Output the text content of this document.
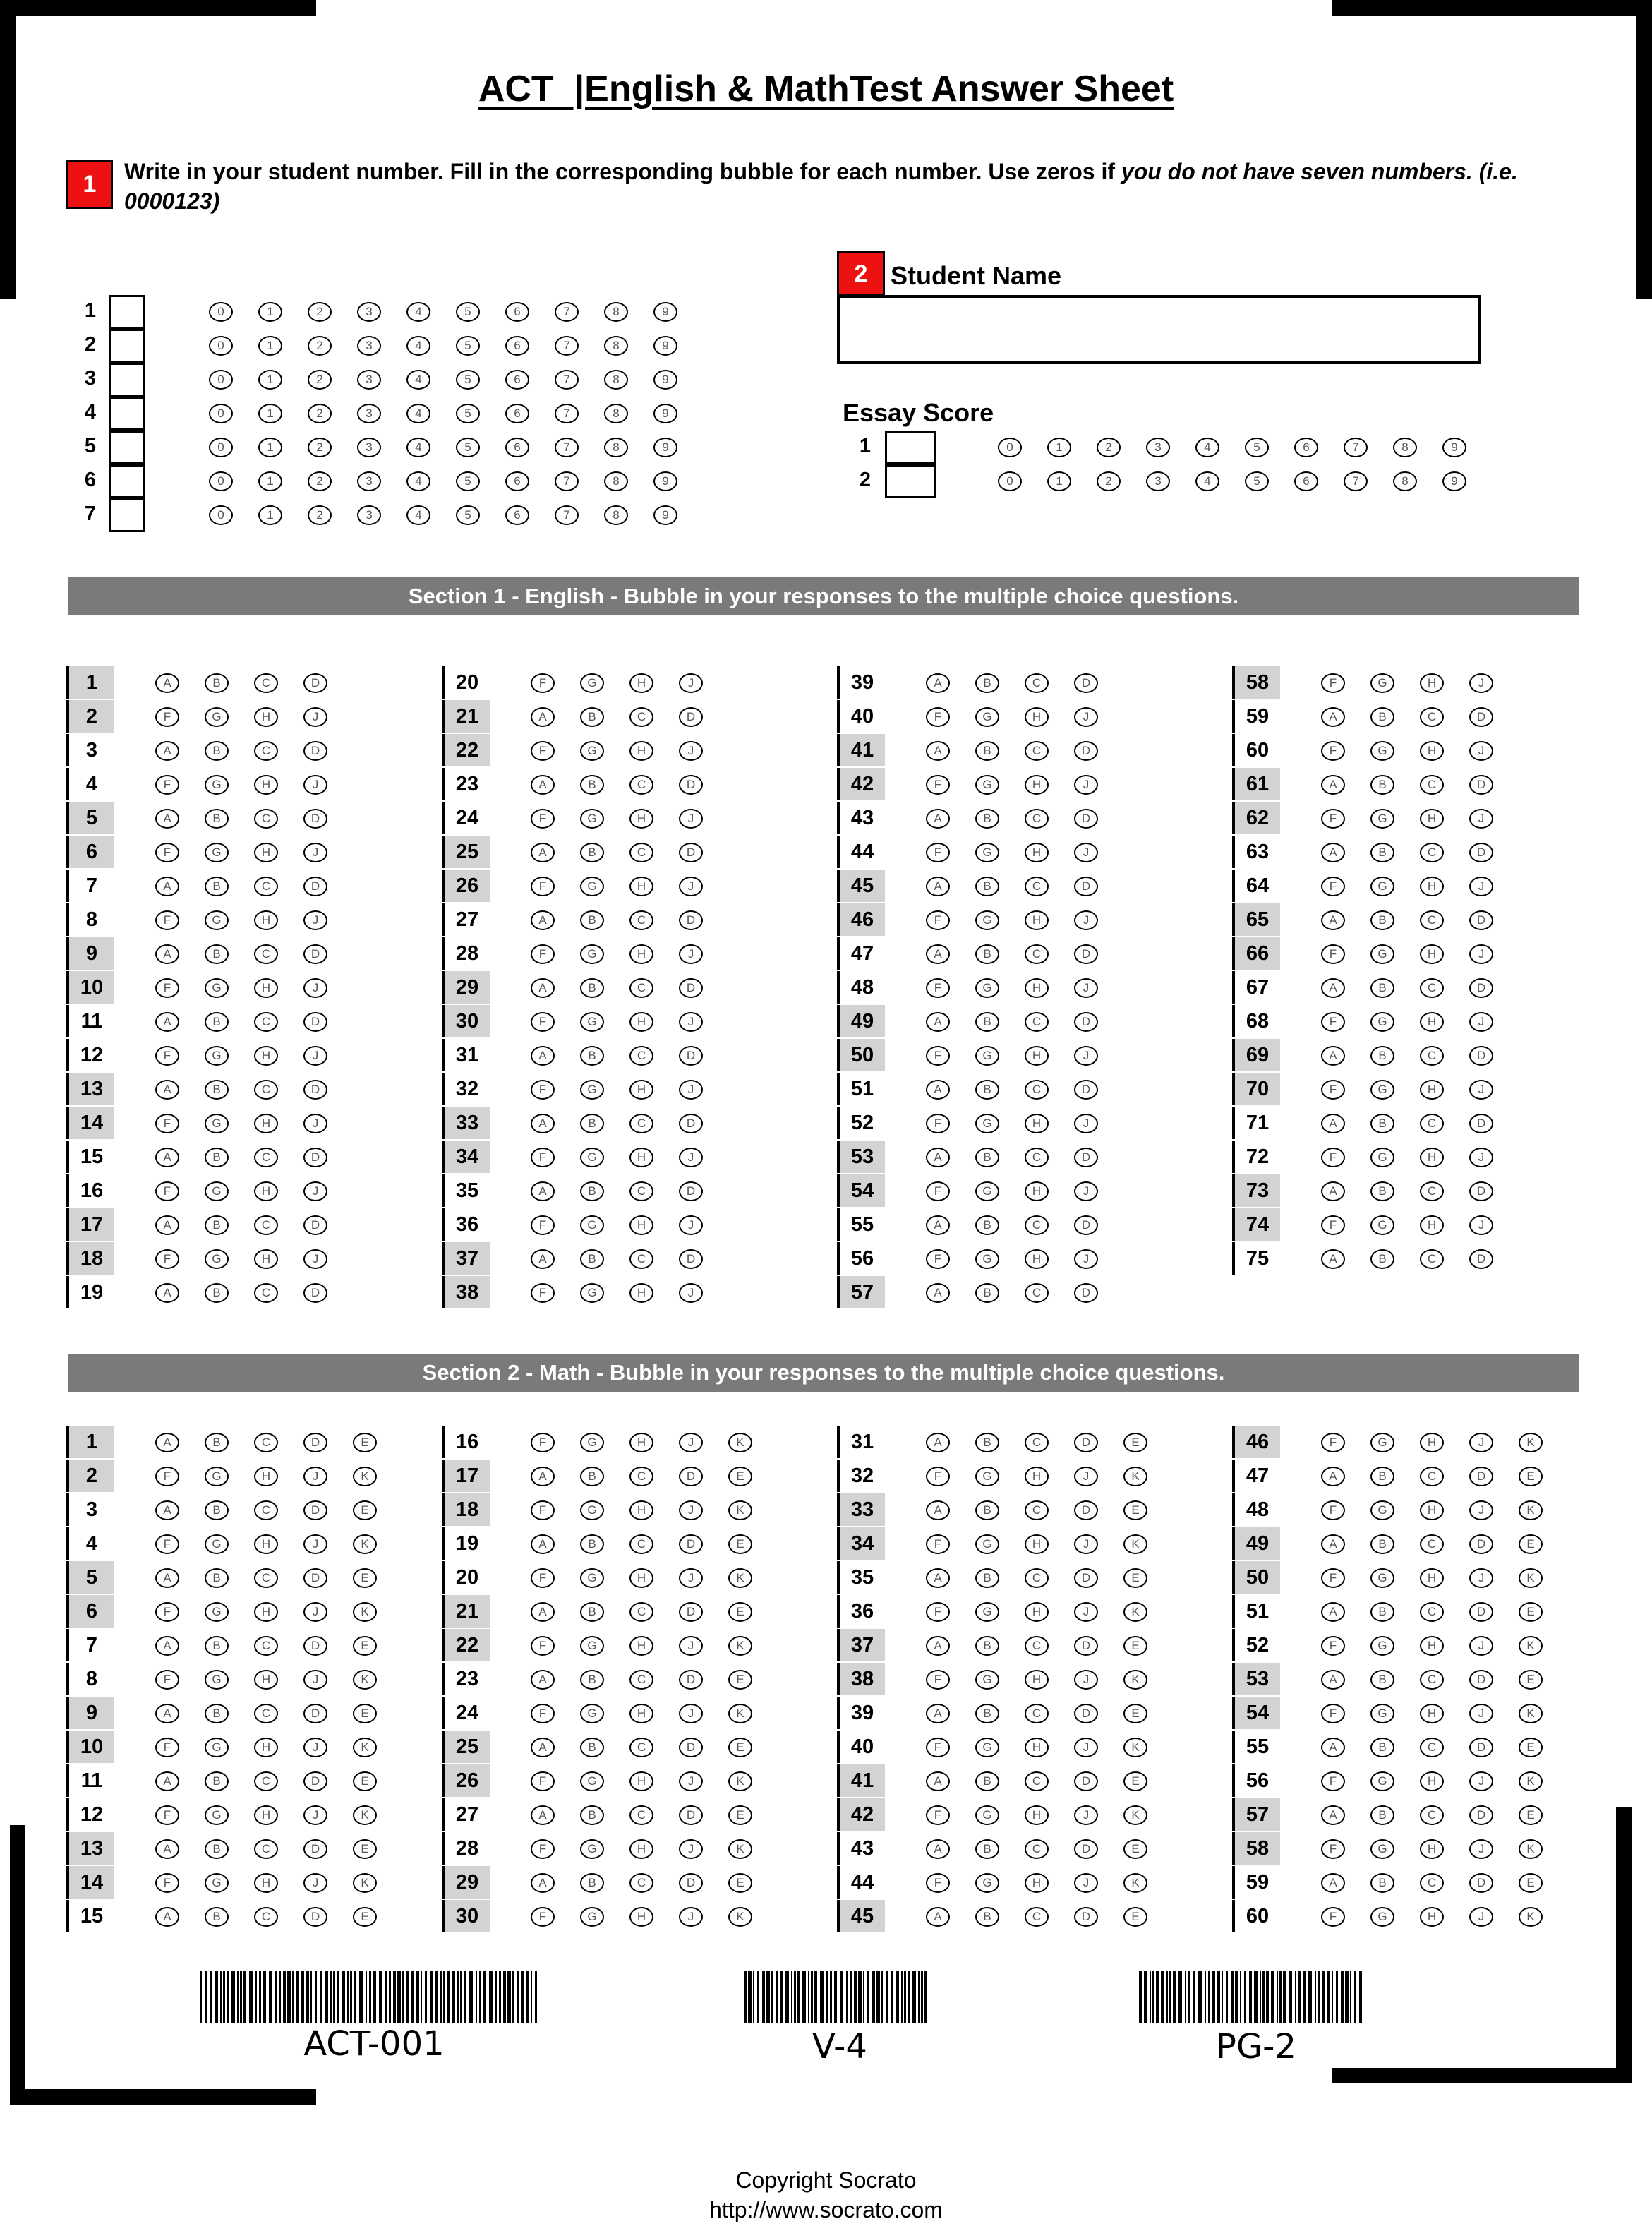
ACT  |English & MathTest Answer Sheet
1	Write in your student number. Fill in the corresponding bubble for each number. Use zeros if you do not have seven numbers. (i.e. 0000123)
1	0	1	2	3	4	5	6	7	8	9
2	0	1	2	3	4	5	6	7	8	9
3	0	1	2	3	4	5	6	7	8	9
4	0	1	2	3	4	5	6	7	8	9
5	0	1	2	3	4	5	6	7	8	9
6	0	1	2	3	4	5	6	7	8	9
7	0	1	2	3	4	5	6	7	8	9
2 Student Name
Essay Score
1	0	1	2	3	4	5	6	7	8	9
2	0	1	2	3	4	5	6	7	8	9
Section 1 - English - Bubble in your responses to the multiple choice questions.
1	A	B	C	D
2	F	G	H	J
3	A	B	C	D
4	F	G	H	J
5	A	B	C	D
6	F	G	H	J
7	A	B	C	D
8	F	G	H	J
9	A	B	C	D
10	F	G	H	J
11	A	B	C	D
12	F	G	H	J
13	A	B	C	D
14	F	G	H	J
15	A	B	C	D
16	F	G	H	J
17	A	B	C	D
18	F	G	H	J
19	A	B	C	D
20	F	G	H	J
21	A	B	C	D
22	F	G	H	J
23	A	B	C	D
24	F	G	H	J
25	A	B	C	D
26	F	G	H	J
27	A	B	C	D
28	F	G	H	J
29	A	B	C	D
30	F	G	H	J
31	A	B	C	D
32	F	G	H	J
33	A	B	C	D
34	F	G	H	J
35	A	B	C	D
36	F	G	H	J
37	A	B	C	D
38	F	G	H	J
39	A	B	C	D
40	F	G	H	J
41	A	B	C	D
42	F	G	H	J
43	A	B	C	D
44	F	G	H	J
45	A	B	C	D
46	F	G	H	J
47	A	B	C	D
48	F	G	H	J
49	A	B	C	D
50	F	G	H	J
51	A	B	C	D
52	F	G	H	J
53	A	B	C	D
54	F	G	H	J
55	A	B	C	D
56	F	G	H	J
57	A	B	C	D
58	F	G	H	J
59	A	B	C	D
60	F	G	H	J
61	A	B	C	D
62	F	G	H	J
63	A	B	C	D
64	F	G	H	J
65	A	B	C	D
66	F	G	H	J
67	A	B	C	D
68	F	G	H	J
69	A	B	C	D
70	F	G	H	J
71	A	B	C	D
72	F	G	H	J
73	A	B	C	D
74	F	G	H	J
75	A	B	C	D
Section 2 - Math - Bubble in your responses to the multiple choice questions.
1	A	B	C	D	E
2	F	G	H	J	K
3	A	B	C	D	E
4	F	G	H	J	K
5	A	B	C	D	E
6	F	G	H	J	K
7	A	B	C	D	E
8	F	G	H	J	K
9	A	B	C	D	E
10	F	G	H	J	K
11	A	B	C	D	E
12	F	G	H	J	K
13	A	B	C	D	E
14	F	G	H	J	K
15	A	B	C	D	E
16	F	G	H	J	K
17	A	B	C	D	E
18	F	G	H	J	K
19	A	B	C	D	E
20	F	G	H	J	K
21	A	B	C	D	E
22	F	G	H	J	K
23	A	B	C	D	E
24	F	G	H	J	K
25	A	B	C	D	E
26	F	G	H	J	K
27	A	B	C	D	E
28	F	G	H	J	K
29	A	B	C	D	E
30	F	G	H	J	K
31	A	B	C	D	E
32	F	G	H	J	K
33	A	B	C	D	E
34	F	G	H	J	K
35	A	B	C	D	E
36	F	G	H	J	K
37	A	B	C	D	E
38	F	G	H	J	K
39	A	B	C	D	E
40	F	G	H	J	K
41	A	B	C	D	E
42	F	G	H	J	K
43	A	B	C	D	E
44	F	G	H	J	K
45	A	B	C	D	E
46	F	G	H	J	K
47	A	B	C	D	E
48	F	G	H	J	K
49	A	B	C	D	E
50	F	G	H	J	K
51	A	B	C	D	E
52	F	G	H	J	K
53	A	B	C	D	E
54	F	G	H	J	K
55	A	B	C	D	E
56	F	G	H	J	K
57	A	B	C	D	E
58	F	G	H	J	K
59	A	B	C	D	E
60	F	G	H	J	K
ACT-001	V-4	PG-2
Copyright Socrato
http://www.socrato.com
